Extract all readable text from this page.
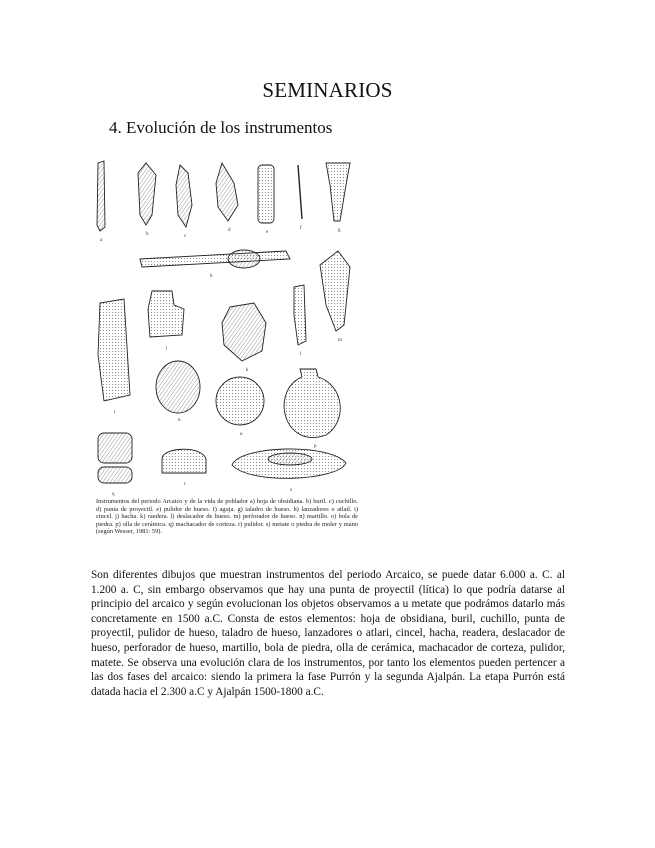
SEMINARIOS
4. Evolución de los instrumentos
a
b	c
d	e
f	g
h
i
j
k
l
m
n
o
p
q
r
s
Instrumentos del periodo Arcaico y de la vida de poblador a) hoja de obsidiana. b) buril. c) cuchillo. d) punta de proyectil. e) pulidor de hueso. f) aguja. g) taladro de hueso. h) lanzadores o atlatl. i) cincel. j) hacha. k) raedera. l) deslacador de hueso. m) perforador de hueso. n) martillo. o) bola de piedra. p) olla de cerámica. q) machacador de corteza. r) pulidor. s) metate o piedra de moler y mano (según Wesser, 1981: 59).
Son diferentes dibujos que muestran instrumentos del periodo Arcaico, se puede datar 6.000 a. C. al 1.200 a. C, sin embargo observamos que hay una punta de proyectil (lítica) lo que podría datarse al principio del arcaico y según evolucionan los objetos observamos a u metate que podrámos datarlo más concretamente en 1500 a.C. Consta de estos elementos: hoja de obsidiana, buril, cuchillo, punta de proyectil, pulidor de hueso, taladro de hueso, lanzadores o atlari, cincel, hacha, readera, deslacador de hueso, perforador de hueso, martillo, bola de piedra, olla de cerámica, machacador de corteza, pulidor, matete. Se observa una evolución clara de los instrumentos, por tanto los elementos pueden pertencer a las dos fases del arcaico: siendo la primera la fase Purrón y la segunda Ajalpán. La etapa Purrón está datada hacia el 2.300 a.C y Ajalpán 1500-1800 a.C.
